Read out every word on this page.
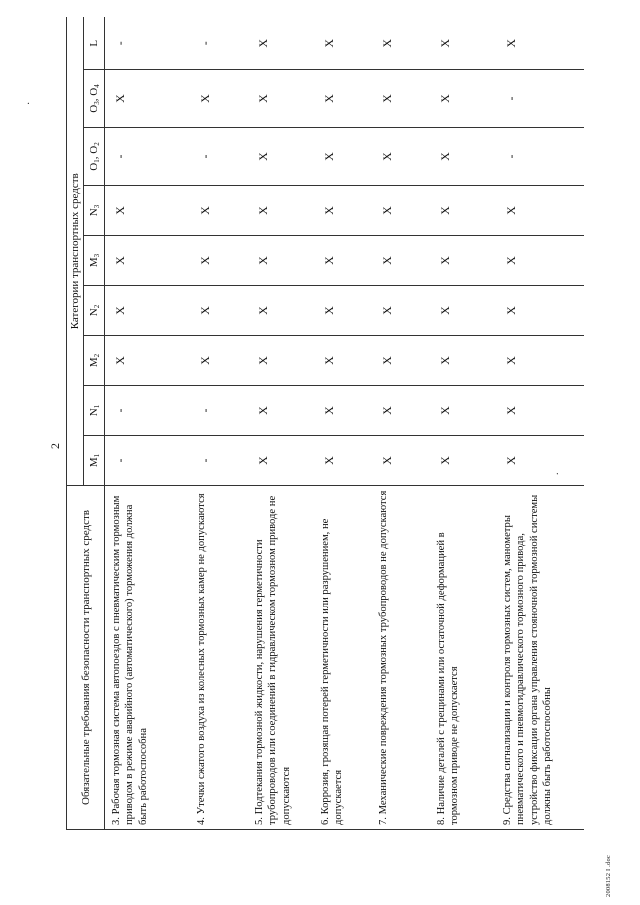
2
Обязательные требования безопасности транспортных средств	Категории транспортных средств								
	$M_1$	$N_1$	$M_2$	$N_2$	$M_3$	$N_3$	$O_1$, $O_2$	$O_3$, $O_4$	L
3. Рабочая тормозная система автопоездов с пневматическим тормозным приводом в режиме аварийного (автоматического) торможения должна быть работоспособна	-	-	X	X	X	X	-	X	-
4. Утечки сжатого воздуха из колесных тормозных камер не допускаются	-	-	X	X	X	X	-	X	-
5. Подтекания тормозной жидкости, нарушения герметичности трубопроводов или соединений в гидравлическом тормозном приводе не допускаются	X	X	X	X	X	X	X	X	X
6. Коррозия, грозящая потерей герметичности или разрушением, не допускается	X	X	X	X	X	X	X	X	X
7. Механические повреждения тормозных трубопроводов не допускаются	X	X	X	X	X	X	X	X	X
8. Наличие деталей с трещинами или остаточной деформацией в тормозном приводе не допускается	X	X	X	X	X	X	X	X	X
9. Средства сигнализации и контроля тормозных систем, манометры пневматического и пневмогидравлического тормозного привода, устройство фиксации органа управления стояночной тормозной системы должны быть работоспособны	X	X	X	X	X	X	-	-	X
2008152 I .doc
·
.
